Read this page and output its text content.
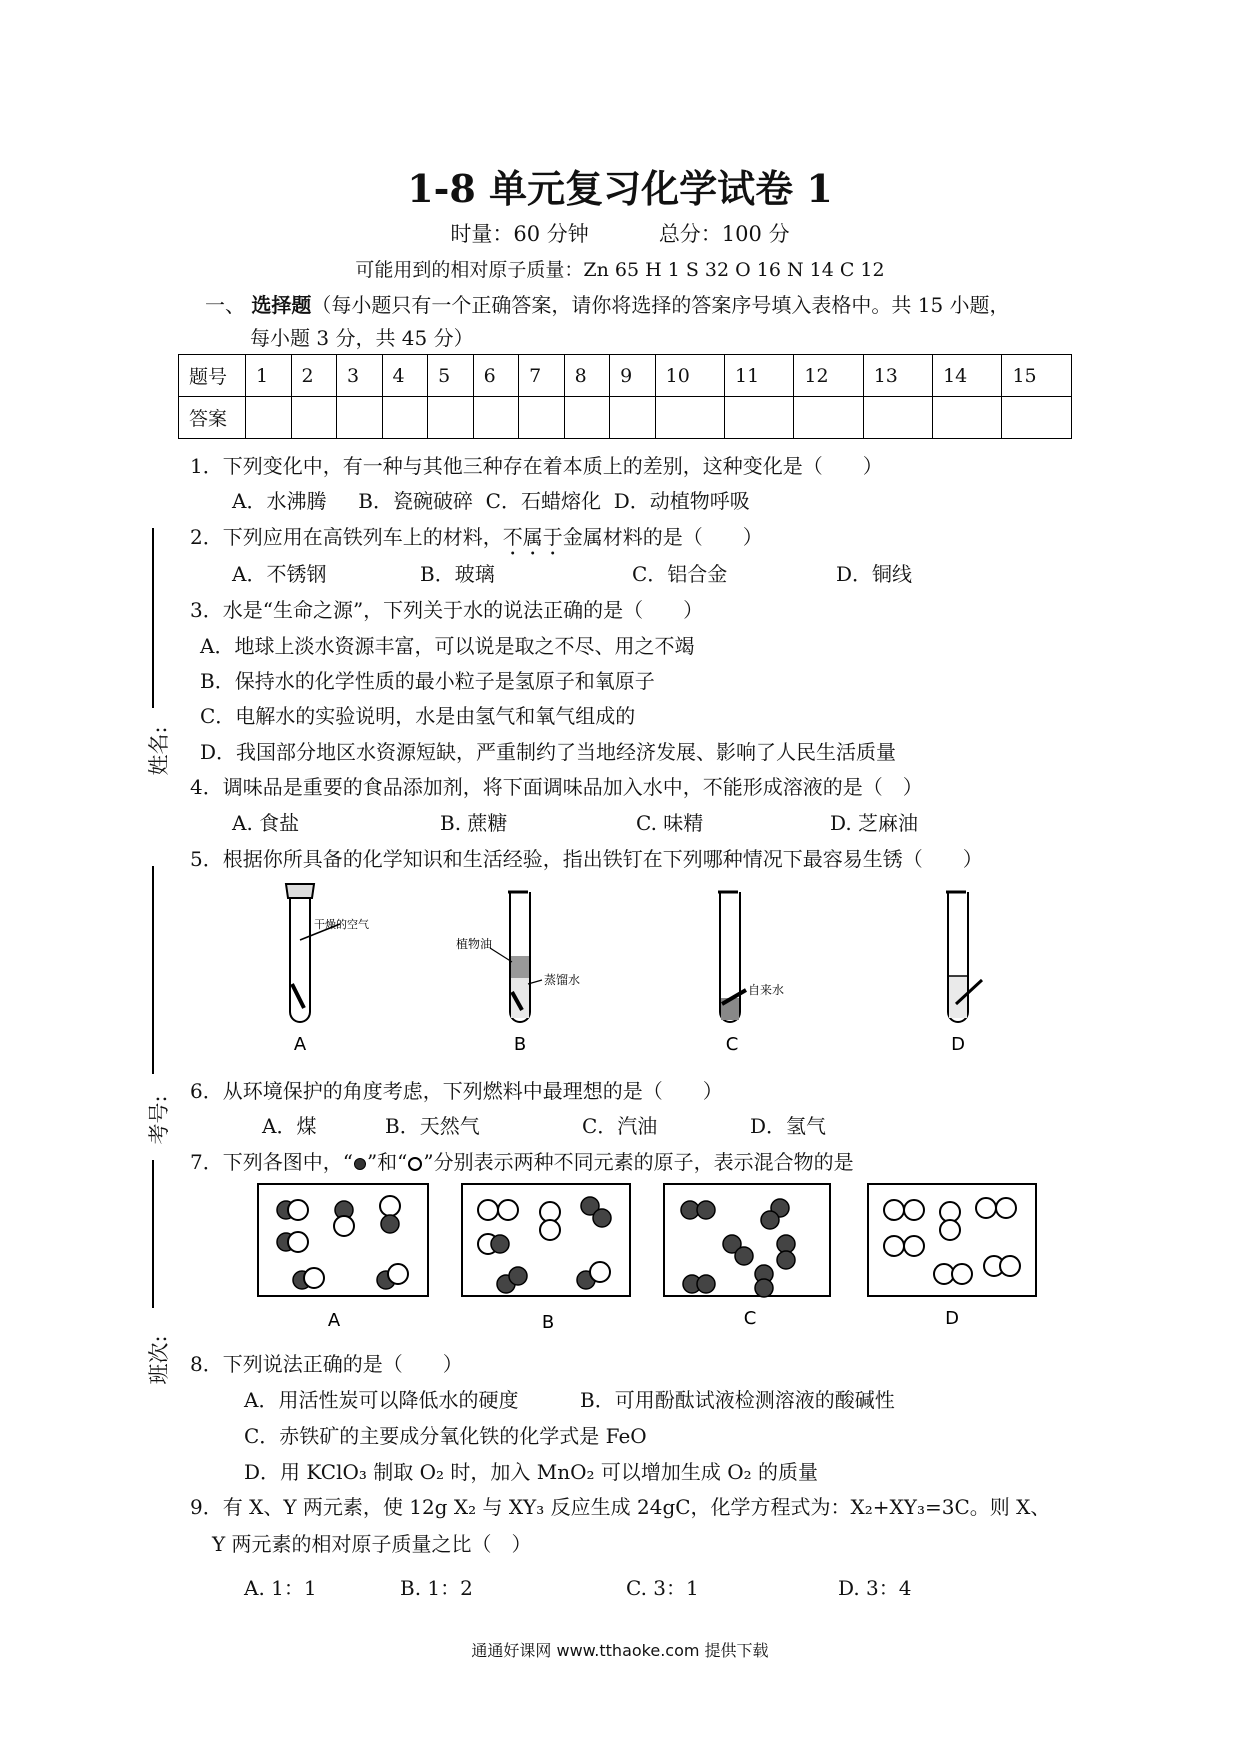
1-8 单元复习化学试卷 1
时量：60 分钟	总分：100 分
可能用到的相对原子质量：Zn 65 H 1 S 32 O 16 N 14 C 12
一、 选择题（每小题只有一个正确答案，请你将选择的答案序号填入表格中。共 15 小题，
每小题 3 分，共 45 分）
题号	1	2	3	4	5	6	7	8	9	10	11	12	13	14	15
答案															
姓名:
考号:
班次:
1．下列变化中，有一种与其他三种存在着本质上的差别，这种变化是（　　）
A．水沸腾 B．瓷碗破碎 C．石蜡熔化 D．动植物呼吸
2．下列应用在高铁列车上的材料，不属于金属材料的是（　　）
A．不锈钢	B．玻璃	C．铝合金	D．铜线
3．水是“生命之源”，下列关于水的说法正确的是（　　）
A．地球上淡水资源丰富，可以说是取之不尽、用之不竭
B．保持水的化学性质的最小粒子是氢原子和氧原子
C．电解水的实验说明，水是由氢气和氧气组成的
D．我国部分地区水资源短缺，严重制约了当地经济发展、影响了人民生活质量
4．调味品是重要的食品添加剂，将下面调味品加入水中，不能形成溶液的是（　）
A. 食盐	B. 蔗糖	C. 味精	D. 芝麻油
5．根据你所具备的化学知识和生活经验，指出铁钉在下列哪种情况下最容易生锈（　　）
干燥的空气
A
植物油
蒸馏水
B
自来水
C	D
6．从环境保护的角度考虑，下列燃料中最理想的是（　　）
A．煤	B．天然气	C．汽油	D．氢气
7．下列各图中，“ ”和“ ”分别表示两种不同元素的原子，表示混合物的是
A	B	C	D
8．下列说法正确的是（　　）
A．用活性炭可以降低水的硬度	B．可用酚酞试液检测溶液的酸碱性
C．赤铁矿的主要成分氧化铁的化学式是 FeO
D．用 KClO₃ 制取 O₂ 时，加入 MnO₂ 可以增加生成 O₂ 的质量
9．有 X、Y 两元素，使 12g X₂ 与 XY₃ 反应生成 24gC，化学方程式为：X₂+XY₃=3C。则 X、
Y 两元素的相对原子质量之比（　）
A. 1：1	B. 1：2	C. 3：1	D. 3：4
通通好课网 www.tthaoke.com 提供下载
